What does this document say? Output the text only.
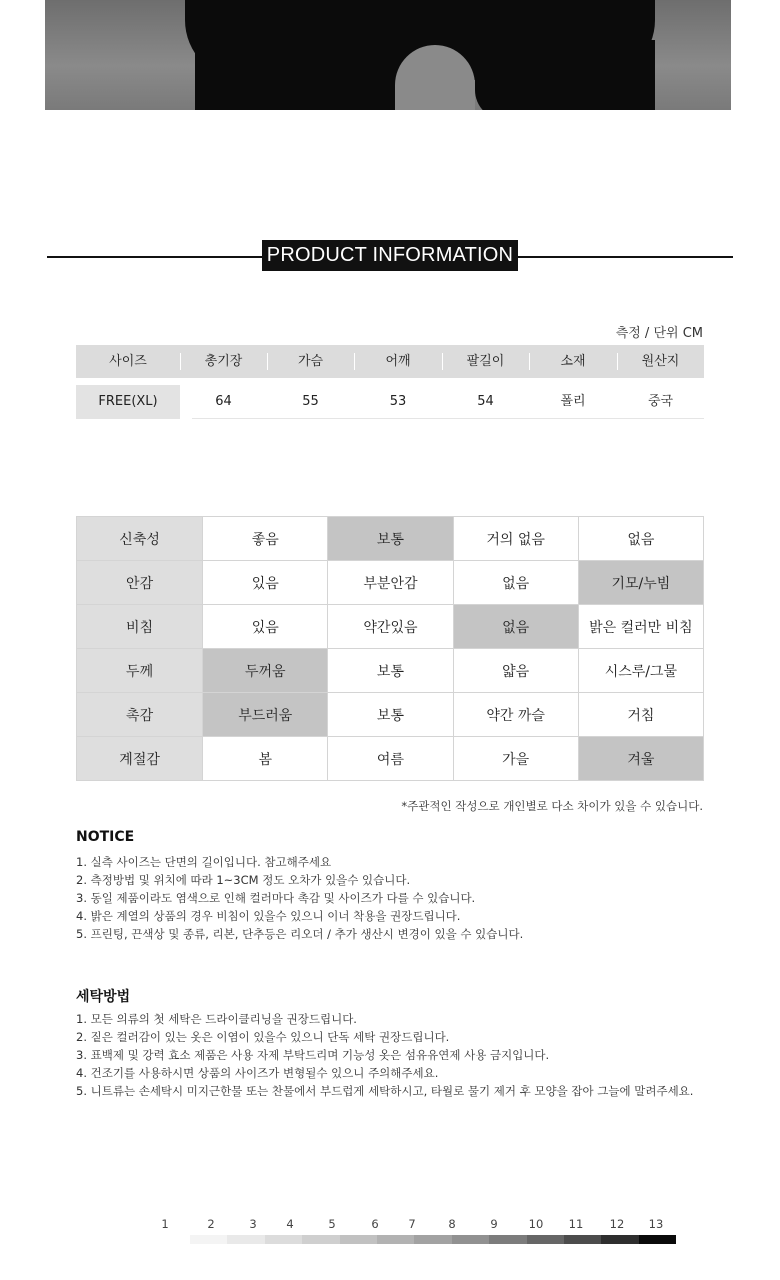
PRODUCT INFORMATION
측정 / 단위 CM
사이즈	총기장	가슴	어깨	팔길이	소재	원산지
FREE(XL)	64	55	53	54	폴리	중국
신축성	좋음	보통	거의 없음	없음
안감	있음	부분안감	없음	기모/누빔
비침	있음	약간있음	없음	밝은 컬러만 비침
두께	두꺼움	보통	얇음	시스루/그물
촉감	부드러움	보통	약간 까슬	거침
계절감	봄	여름	가을	겨울
*주관적인 작성으로 개인별로 다소 차이가 있을 수 있습니다.
NOTICE
1. 실측 사이즈는 단면의 길이입니다. 참고해주세요
2. 측정방법 및 위치에 따라 1~3CM 정도 오차가 있을수 있습니다.
3. 동일 제품이라도 염색으로 인해 컬러마다 촉감 및 사이즈가 다를 수 있습니다.
4. 밝은 계열의 상품의 경우 비침이 있을수 있으니 이너 착용을 권장드립니다.
5. 프린팅, 끈색상 및 종류, 리본, 단추등은 리오더 / 추가 생산시 변경이 있을 수 있습니다.
세탁방법
1. 모든 의류의 첫 세탁은 드라이클리닝을 권장드립니다.
2. 짙은 컬러감이 있는 옷은 이염이 있을수 있으니 단독 세탁 권장드립니다.
3. 표백제 및 강력 효소 제품은 사용 자제 부탁드리며 기능성 옷은 섬유유연제 사용 금지입니다.
4. 건조기를 사용하시면 상품의 사이즈가 변형될수 있으니 주의해주세요.
5. 니트류는 손세탁시 미지근한물 또는 찬물에서 부드럽게 세탁하시고, 타월로 물기 제거 후 모양을 잡아 그늘에 말려주세요.
1	2	3	4	5	6	7	8	9	10 11 12 13
